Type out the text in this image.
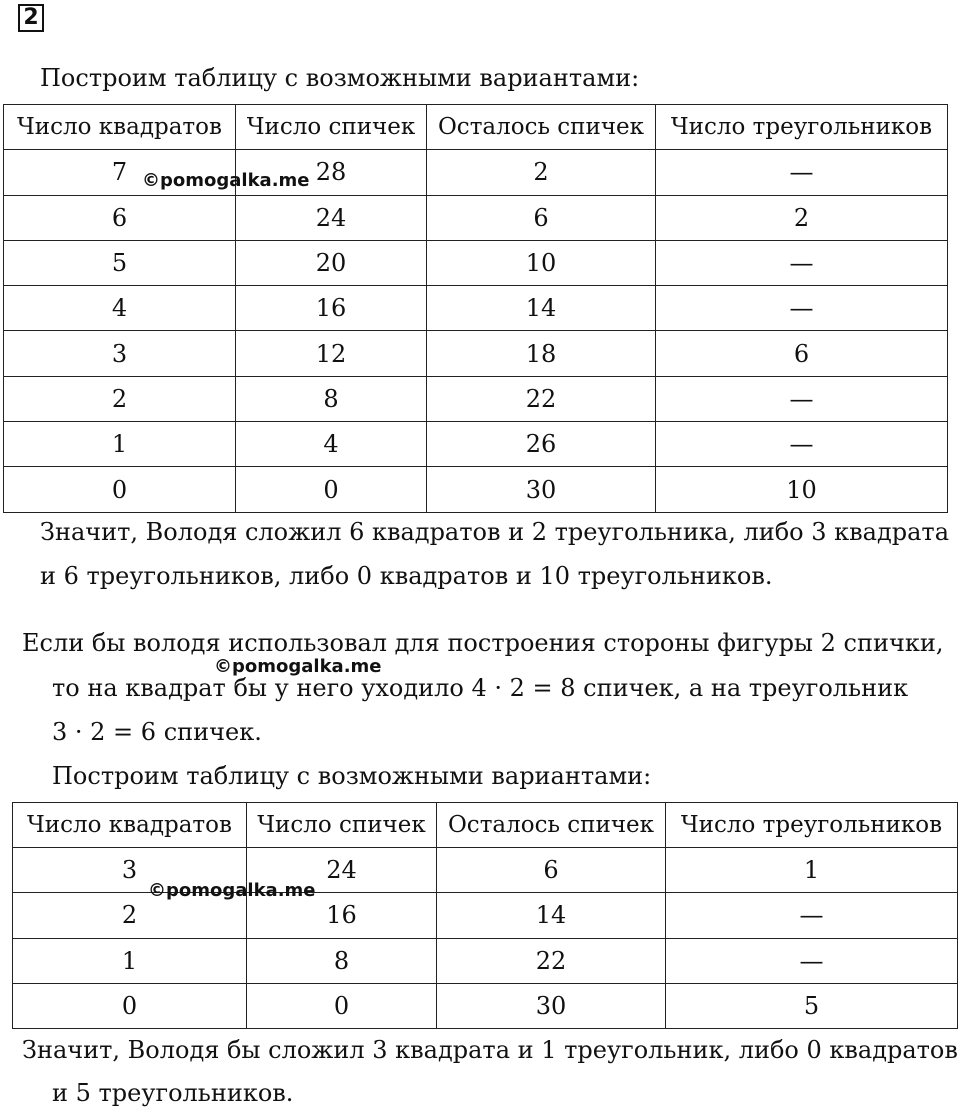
2
Построим таблицу с возможными вариантами:
Число квадратов	Число спичек	Осталось спичек	Число треугольников
7	28	2	—
6	24	6	2
5	20	10	—
4	16	14	—
3	12	18	6
2	8	22	—
1	4	26	—
0	0	30	10
©pomogalka.me
Значит, Володя сложил 6 квадратов и 2 треугольника, либо 3 квадрата
и 6 треугольников, либо 0 квадратов и 10 треугольников.
Если бы володя использовал для построения стороны фигуры 2 спички,
©pomogalka.me
то на квадрат бы у него уходило 4 · 2 = 8 спичек, а на треугольник
3 · 2 = 6 спичек.
Построим таблицу с возможными вариантами:
Число квадратов	Число спичек	Осталось спичек	Число треугольников
3	24	6	1
2	16	14	—
1	8	22	—
0	0	30	5
©pomogalka.me
Значит, Володя бы сложил 3 квадрата и 1 треугольник, либо 0 квадратов
и 5 треугольников.
